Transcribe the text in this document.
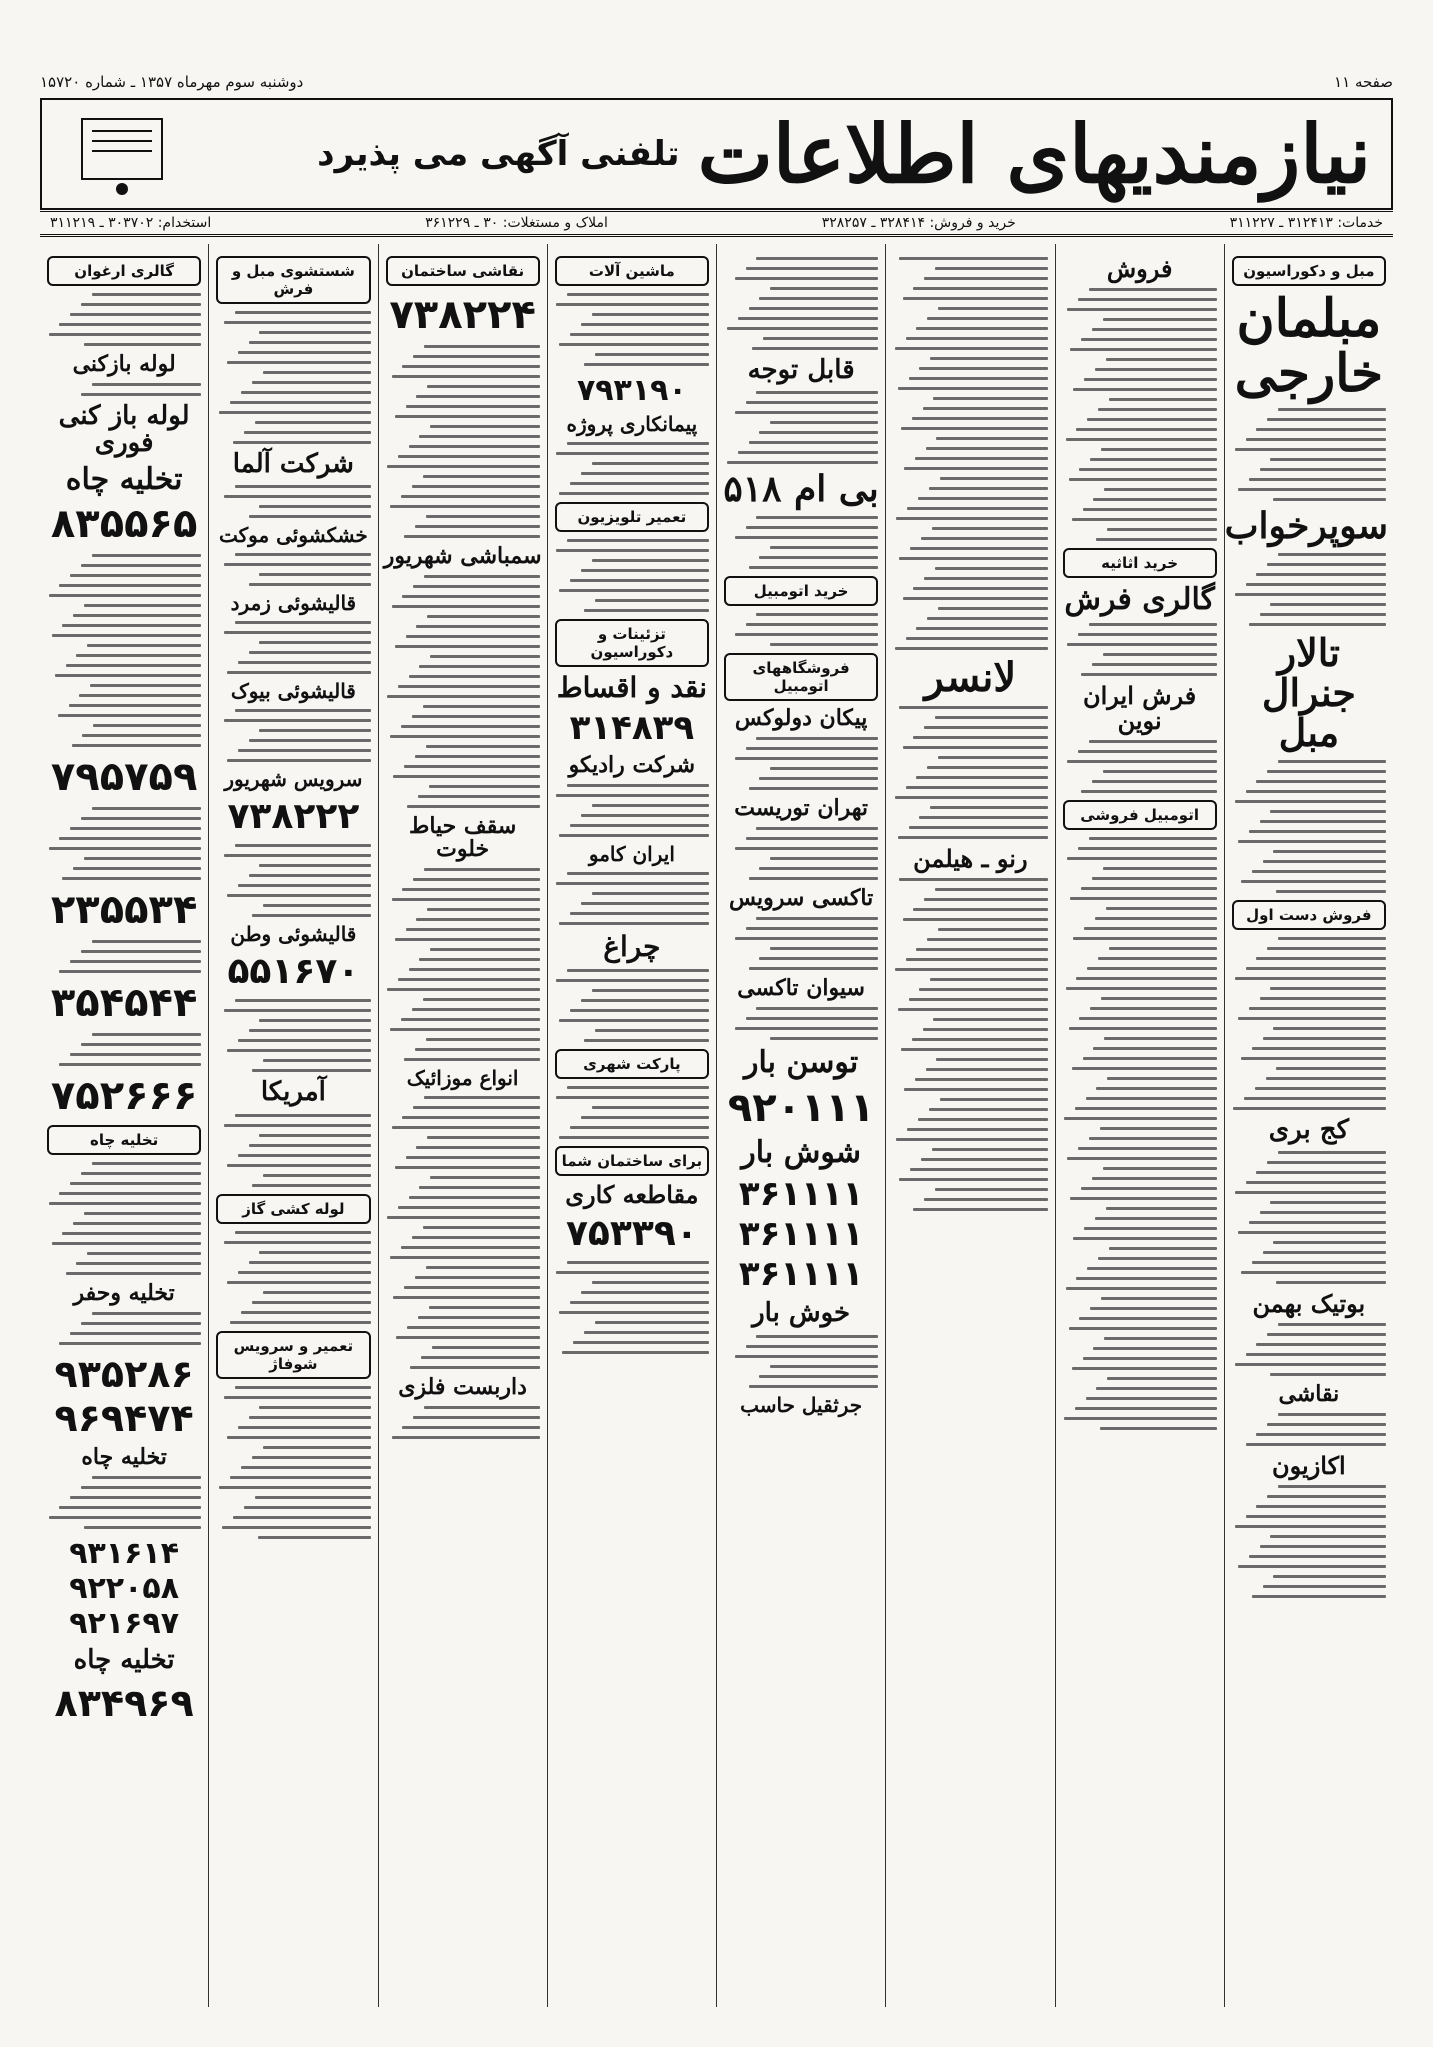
صفحه ۱۱
دوشنبه سوم مهرماه ۱۳۵۷ ـ شماره ۱۵۷۲۰
نیازمندیهای اطلاعات
تلفنی آگهی می پذیرد
خدمات: ۳۱۲۴۱۳ ـ ۳۱۱۲۲۷
خرید و فروش: ۳۲۸۴۱۴ ـ ۳۲۸۲۵۷
املاک و مستغلات: ۳۰ ـ ۳۶۱۲۲۹
استخدام: ۳۰۳۷۰۲ ـ ۳۱۱۲۱۹
مبل و دکوراسیون
مبلمان خارجی
سوپرخواب
تالار جنرال مبل
فروش دست اول
کج بری
بوتیک بهمن
نقاشی
اکازیون
فروش
خرید اثاثیه
گالری فرش
فرش ایران نوین
اتومبیل فروشی
لانسر
رنو ـ هیلمن
قابل توجه
بی ام ۵۱۸
خرید اتومبیل
فروشگاههای اتومبیل
پیکان دولوکس
تهران توریست
تاکسی سرویس
سیوان تاکسی
توسن بار
۹۲۰۱۱۱
شوش بار
۳۶۱۱۱۱
۳۶۱۱۱۱
۳۶۱۱۱۱
خوش بار
جرثقیل حاسب
ماشین آلات
۷۹۳۱۹۰
پیمانکاری پروژه
تعمیر تلویزیون
تزئینات و دکوراسیون
نقد و اقساط
۳۱۴۸۳۹
شرکت رادیکو
ایران کامو
چراغ
پارکت شهری
برای ساختمان شما
مقاطعه کاری
۷۵۳۳۹۰
نقاشی ساختمان
۷۳۸۲۲۴
سمباشی شهریور
سقف حیاط خلوت
انواع موزائیک
داربست فلزی
شستشوی مبل و فرش
شرکت آلما
خشکشوئی موکت
قالیشوئی زمرد
قالیشوئی بیوک
سرویس شهریور
۷۳۸۲۲۲
قالیشوئی وطن
۵۵۱۶۷۰
آمریکا
لوله کشی گاز
تعمیر و سرویس شوفاژ
گالری ارغوان
لوله بازکنی
لوله باز کنی فوری
تخلیه چاه
۸۳۵۵۶۵
۷۹۵۷۵۹
۲۳۵۵۳۴
۳۵۴۵۴۴
۷۵۲۶۶۶
تخلیه چاه
تخلیه وحفر
۹۳۵۲۸۶
۹۶۹۴۷۴
تخلیه چاه
۹۳۱۶۱۴
۹۲۲۰۵۸
۹۲۱۶۹۷
تخلیه چاه
۸۳۴۹۶۹
